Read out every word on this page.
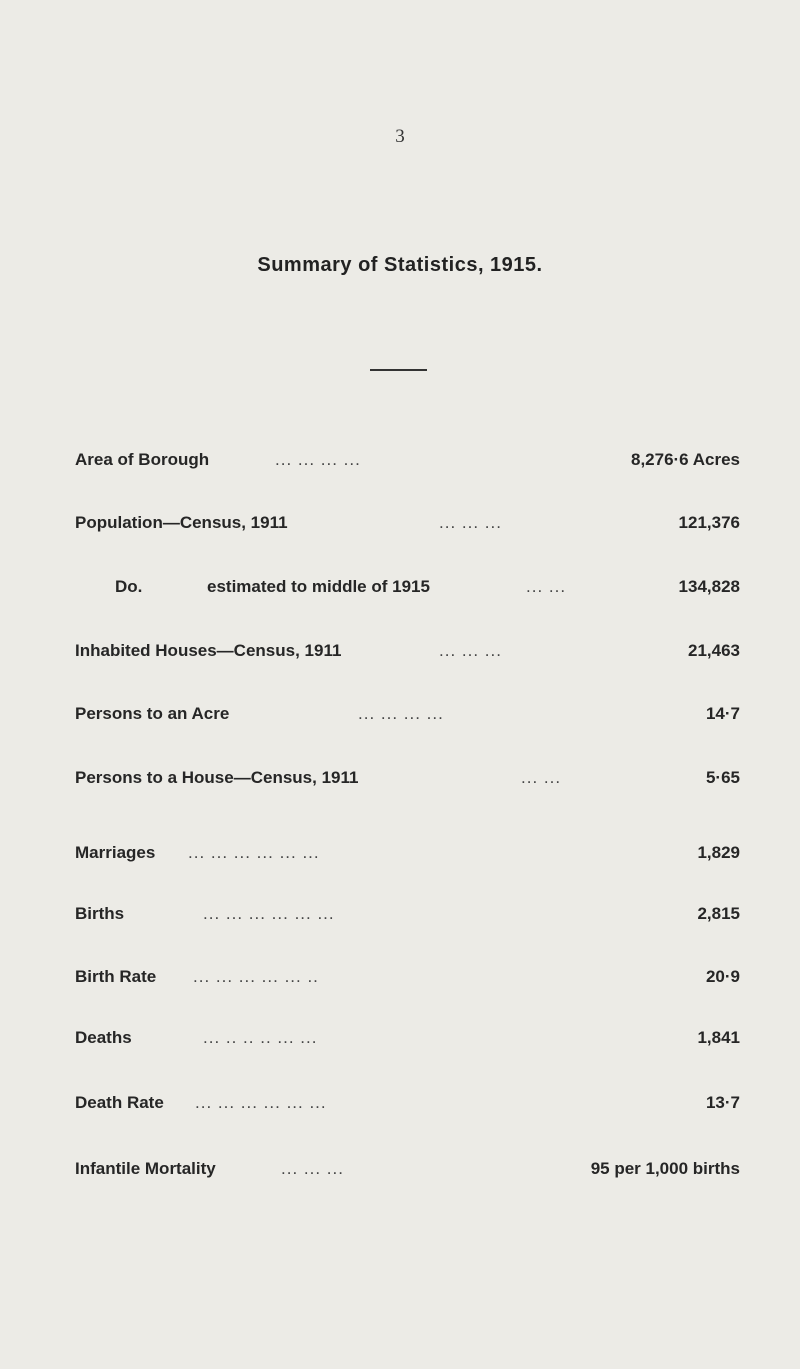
3
Summary of Statistics, 1915.
Area of Borough	... ... ... ...	8,276·6 Acres
Population—Census, 1911	... ... ...	121,376
Do.	estimated to middle of 1915	... ...	134,828
Inhabited Houses—Census, 1911	... ... ...	21,463
Persons to an Acre	... ... ... ...	14·7
Persons to a House—Census, 1911	... ...	5·65
Marriages ... ... ... ... ... ...	1,829
Births	... ... ... ... ... ...	2,815
Birth Rate ... ... ... ... ... ..	20·9
Deaths	... .. .. .. ... ...	1,841
Death Rate ... ... ... ... ... ...	13·7
Infantile Mortality	... ... ...	95 per 1,000 births
